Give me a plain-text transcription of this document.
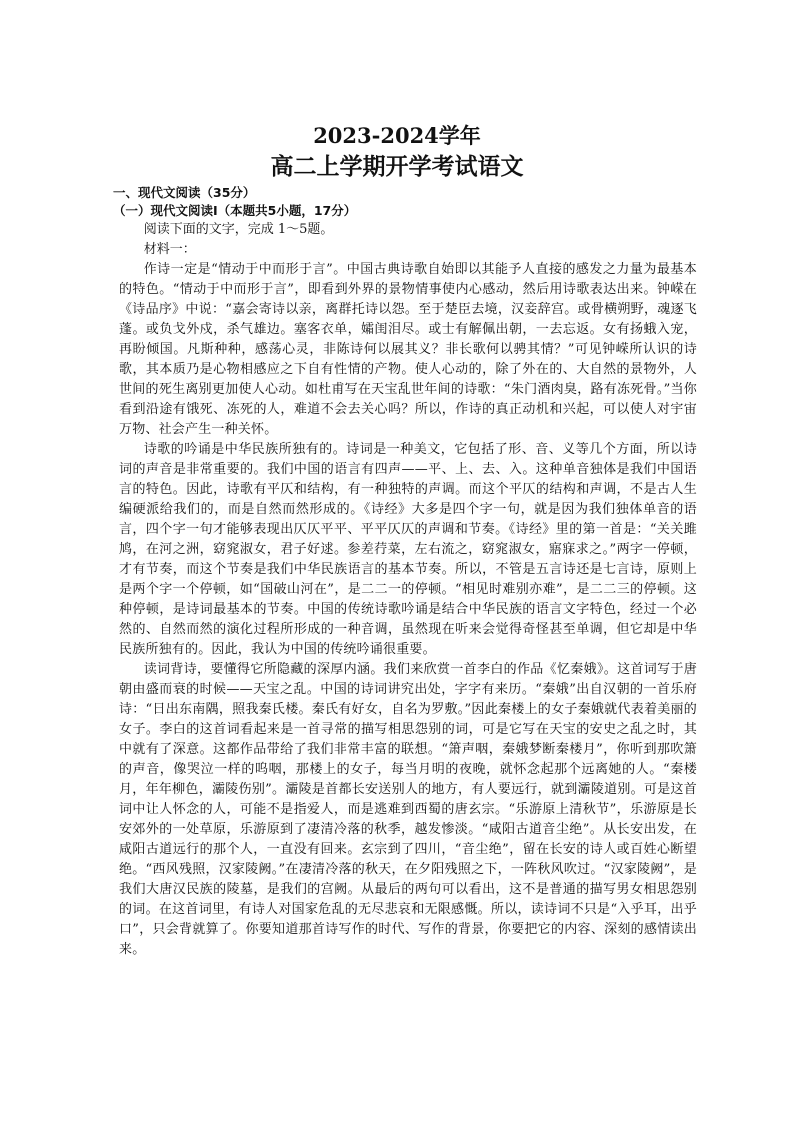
2023-2024学年
高二上学期开学考试语文

一、现代文阅读（35分）

（一）现代文阅读Ⅰ（本题共5小题，17分）

阅读下面的文字，完成 1～5题。

材料一：

作诗一定是“情动于中而形于言”。中国古典诗歌自始即以其能予人直接的感发之力量为最基本的特色。“情动于中而形于言”，即看到外界的景物情事使内心感动，然后用诗歌表达出来。钟嵘在《诗品序》中说：“嘉会寄诗以亲，离群托诗以怨。至于楚臣去境，汉妾辞宫。或骨横朔野，魂逐飞蓬。或负戈外戍，杀气雄边。塞客衣单，孀闺泪尽。或士有解佩出朝，一去忘返。女有扬蛾入宠，再盼倾国。凡斯种种，感荡心灵，非陈诗何以展其义？非长歌何以骋其情？”可见钟嵘所认识的诗歌，其本质乃是心物相感应之下自有性情的产物。使人心动的，除了外在的、大自然的景物外，人世间的死生离别更加使人心动。如杜甫写在天宝乱世年间的诗歌：“朱门酒肉臭，路有冻死骨。”当你看到沿途有饿死、冻死的人，难道不会去关心吗？所以，作诗的真正动机和兴起，可以使人对宇宙万物、社会产生一种关怀。

诗歌的吟诵是中华民族所独有的。诗词是一种美文，它包括了形、音、义等几个方面，所以诗词的声音是非常重要的。我们中国的语言有四声——平、上、去、入。这种单音独体是我们中国语言的特色。因此，诗歌有平仄和结构，有一种独特的声调。而这个平仄的结构和声调，不是古人生编硬派给我们的，而是自然而然形成的。《诗经》大多是四个字一句，就是因为我们独体单音的语言，四个字一句才能够表现出仄仄平平、平平仄仄的声调和节奏。《诗经》里的第一首是：“关关雎鸠，在河之洲，窈窕淑女，君子好逑。参差荇菜，左右流之，窈窕淑女，寤寐求之。”两字一停顿，才有节奏，而这个节奏是我们中华民族语言的基本节奏。所以，不管是五言诗还是七言诗，原则上是两个字一个停顿，如“国破山河在”，是二二一的停顿。“相见时难别亦难”，是二二三的停顿。这种停顿，是诗词最基本的节奏。中国的传统诗歌吟诵是结合中华民族的语言文字特色，经过一个必然的、自然而然的演化过程所形成的一种音调，虽然现在听来会觉得奇怪甚至单调，但它却是中华民族所独有的。因此，我认为中国的传统吟诵很重要。

读词背诗，要懂得它所隐藏的深厚内涵。我们来欣赏一首李白的作品《忆秦娥》。这首词写于唐朝由盛而衰的时候——天宝之乱。中国的诗词讲究出处，字字有来历。“秦娥”出自汉朝的一首乐府诗：“日出东南隅，照我秦氏楼。秦氏有好女，自名为罗敷。”因此秦楼上的女子秦娥就代表着美丽的女子。李白的这首词看起来是一首寻常的描写相思怨别的词，可是它写在天宝的安史之乱之时，其中就有了深意。这都作品带给了我们非常丰富的联想。“箫声咽，秦娥梦断秦楼月”，你听到那吹箫的声音，像哭泣一样的呜咽，那楼上的女子，每当月明的夜晚，就怀念起那个远离她的人。“秦楼月，年年柳色，灞陵伤别”。灞陵是首都长安送别人的地方，有人要远行，就到灞陵道别。可是这首词中让人怀念的人，可能不是指爱人，而是逃难到西蜀的唐玄宗。“乐游原上清秋节”，乐游原是长安郊外的一处草原，乐游原到了凄清冷落的秋季，越发惨淡。“咸阳古道音尘绝”。从长安出发，在咸阳古道远行的那个人，一直没有回来。玄宗到了四川，“音尘绝”，留在长安的诗人或百姓心断望绝。“西风残照，汉家陵阙。”在凄清冷落的秋天，在夕阳残照之下，一阵秋风吹过。“汉家陵阙”，是我们大唐汉民族的陵墓，是我们的宫阙。从最后的两句可以看出，这不是普通的描写男女相思怨别的词。在这首词里，有诗人对国家危乱的无尽悲哀和无限感慨。所以，读诗词不只是“入乎耳，出乎口”，只会背就算了。你要知道那首诗写作的时代、写作的背景，你要把它的内容、深刻的感情读出来。
